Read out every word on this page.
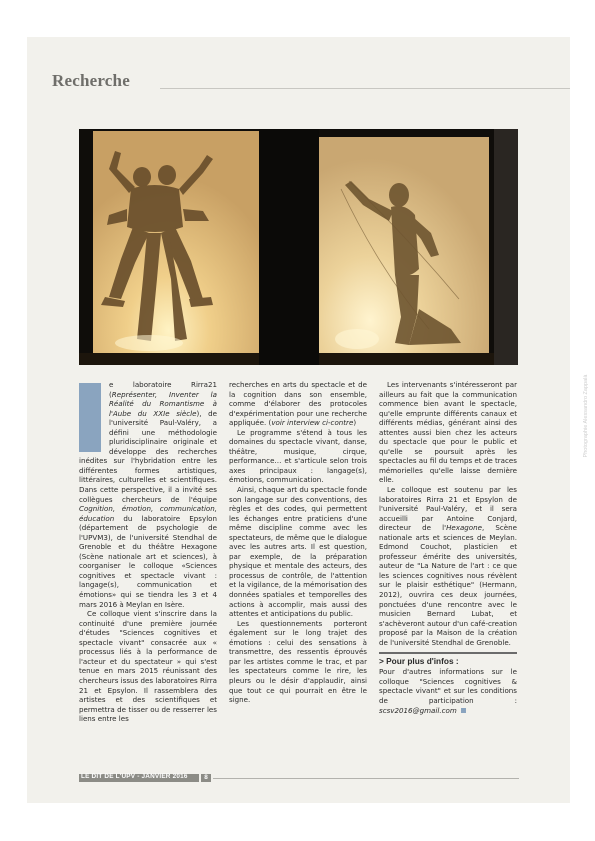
Recherche
Photographie Alessandro Zappalà

e laboratoire Rirra21 (Représenter, Inventer la Réalité du Romantisme à l'Aube du XXIe siècle), de l'université Paul-Valéry, a défini une méthodologie pluridisciplinaire originale et développe des recherches inédites sur l'hybridation entre les différentes formes artistiques, littéraires, culturelles et scientifiques. Dans cette perspective, il a invité ses collègues chercheurs de l'équipe Cognition, émotion, communication, éducation du laboratoire Epsylon (département de psychologie de l'UPVM3), de l'université Stendhal de Grenoble et du théâtre Hexagone (Scène nationale art et sciences), à coorganiser le colloque «Sciences cognitives et spectacle vivant : langage(s), communication et émotions» qui se tiendra les 3 et 4 mars 2016 à Meylan en Isère.

Ce colloque vient s'inscrire dans la continuité d'une première journée d'études "Sciences cognitives et spectacle vivant" consacrée aux « processus liés à la performance de l'acteur et du spectateur » qui s'est tenue en mars 2015 réunissant des chercheurs issus des laboratoires Rirra 21 et Epsylon. Il rassemblera des artistes et des scientifiques et permettra de tisser ou de resserrer les liens entre les

recherches en arts du spectacle et de la cognition dans son ensemble, comme d'élaborer des protocoles d'expérimentation pour une recherche appliquée. (voir interview ci-contre)

Le programme s'étend à tous les domaines du spectacle vivant, danse, théâtre, musique, cirque, performance… et s'articule selon trois axes principaux : langage(s), émotions, communication.

Ainsi, chaque art du spectacle fonde son langage sur des conventions, des règles et des codes, qui permettent les échanges entre praticiens d'une même discipline comme avec les spectateurs, de même que le dialogue avec les autres arts. Il est question, par exemple, de la préparation physique et mentale des acteurs, des processus de contrôle, de l'attention et la vigilance, de la mémorisation des données spatiales et temporelles des actions à accomplir, mais aussi des attentes et anticipations du public.

Les questionnements porteront également sur le long trajet des émotions : celui des sensations à transmettre, des ressentis éprouvés par les artistes comme le trac, et par les spectateurs comme le rire, les pleurs ou le désir d'applaudir, ainsi que tout ce qui pourrait en être le signe.

Les intervenants s'intéresseront par ailleurs au fait que la communication commence bien avant le spectacle, qu'elle emprunte différents canaux et différents médias, générant ainsi des attentes aussi bien chez les acteurs du spectacle que pour le public et qu'elle se poursuit après les spectacles au fil du temps et de traces mémorielles qu'elle laisse dernière elle.

Le colloque est soutenu par les laboratoires Rirra 21 et Epsylon de l'université Paul-Valéry, et il sera accueilli par Antoine Conjard, directeur de l'Hexagone, Scène nationale arts et sciences de Meylan. Edmond Couchot, plasticien et professeur émérite des universités, auteur de "La Nature de l'art : ce que les sciences cognitives nous révèlent sur le plaisir esthétique" (Hermann, 2012), ouvrira ces deux journées, ponctuées d'une rencontre avec le musicien Bernard Lubat, et s'achèveront autour d'un café-creation proposé par la Maison de la création de l'université Stendhal de Grenoble.

> Pour plus d'infos :

Pour d'autres informations sur le colloque "Sciences cognitives & spectacle vivant" et sur les conditions de participation : scsv2016@gmail.com

LE DIT DE L'UPV - JANVIER 2016	8
